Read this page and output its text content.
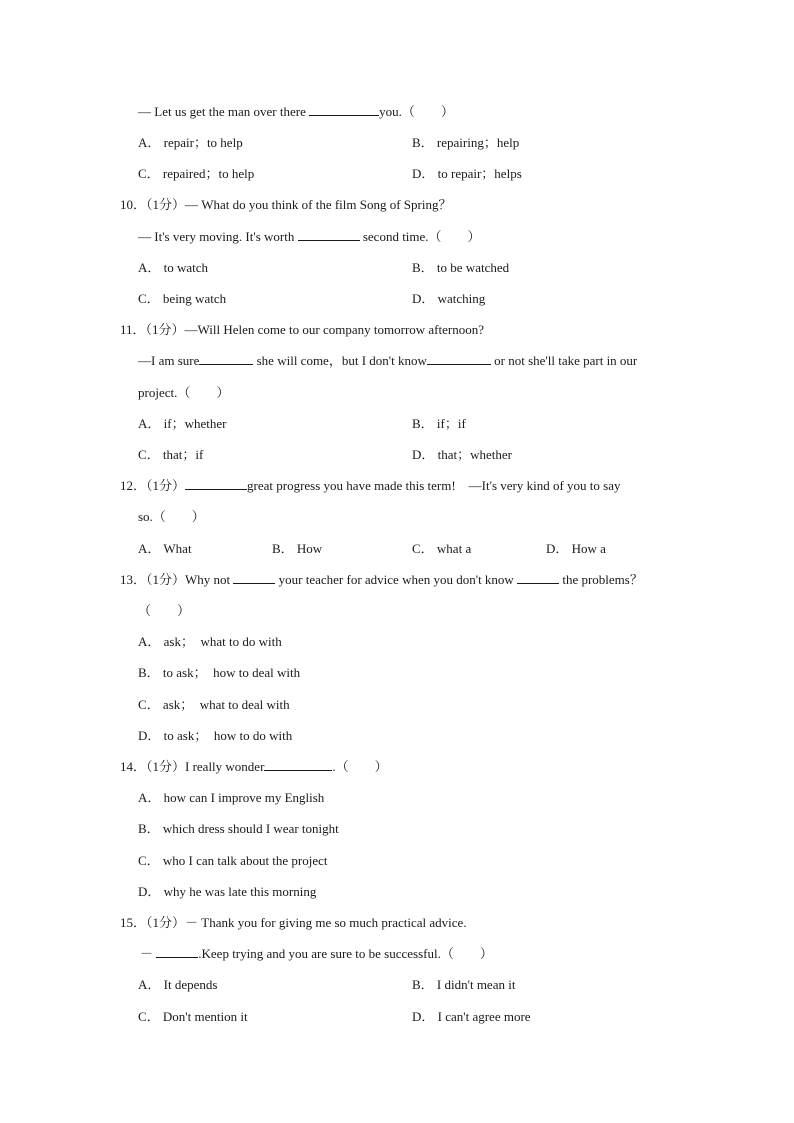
— Let us get the man over there	you.（　　）
A． repair；to help	B． repairing；help
C． repaired；to help	D． to repair；helps
10．（1分）— What do you think of the film Song of Spring？
— It's very moving. It's worth	second time.（　　）
A． to watch	B． to be watched
C． being watch	D． watching
11．（1分）—Will Helen come to our company tomorrow afternoon?
—I am sure	she will come，but I don't know	or not she'll take part in our
project.（　　）
A． if；whether	B． if；if
C． that；if	D． that；whether
12．（1分）	great progress you have made this term!　—It's very kind of you to say
so.（　　）
A． What	B． How	C． what a	D． How a
13．（1分）Why not	your teacher for advice when you don't know	the problems？
（　　）
A． ask；　what to do with
B． to ask；　how to deal with
C． ask；　what to deal with
D． to ask；　how to do with
14．（1分）I really wonder	.（　　）
A． how can I improve my English
B． which dress should I wear tonight
C． who I can talk about the project
D． why he was late this morning
15．（1分）－ Thank you for giving me so much practical advice.
－	.Keep trying and you are sure to be successful.（　　）
A． It depends	B． I didn't mean it
C． Don't mention it	D． I can't agree more
